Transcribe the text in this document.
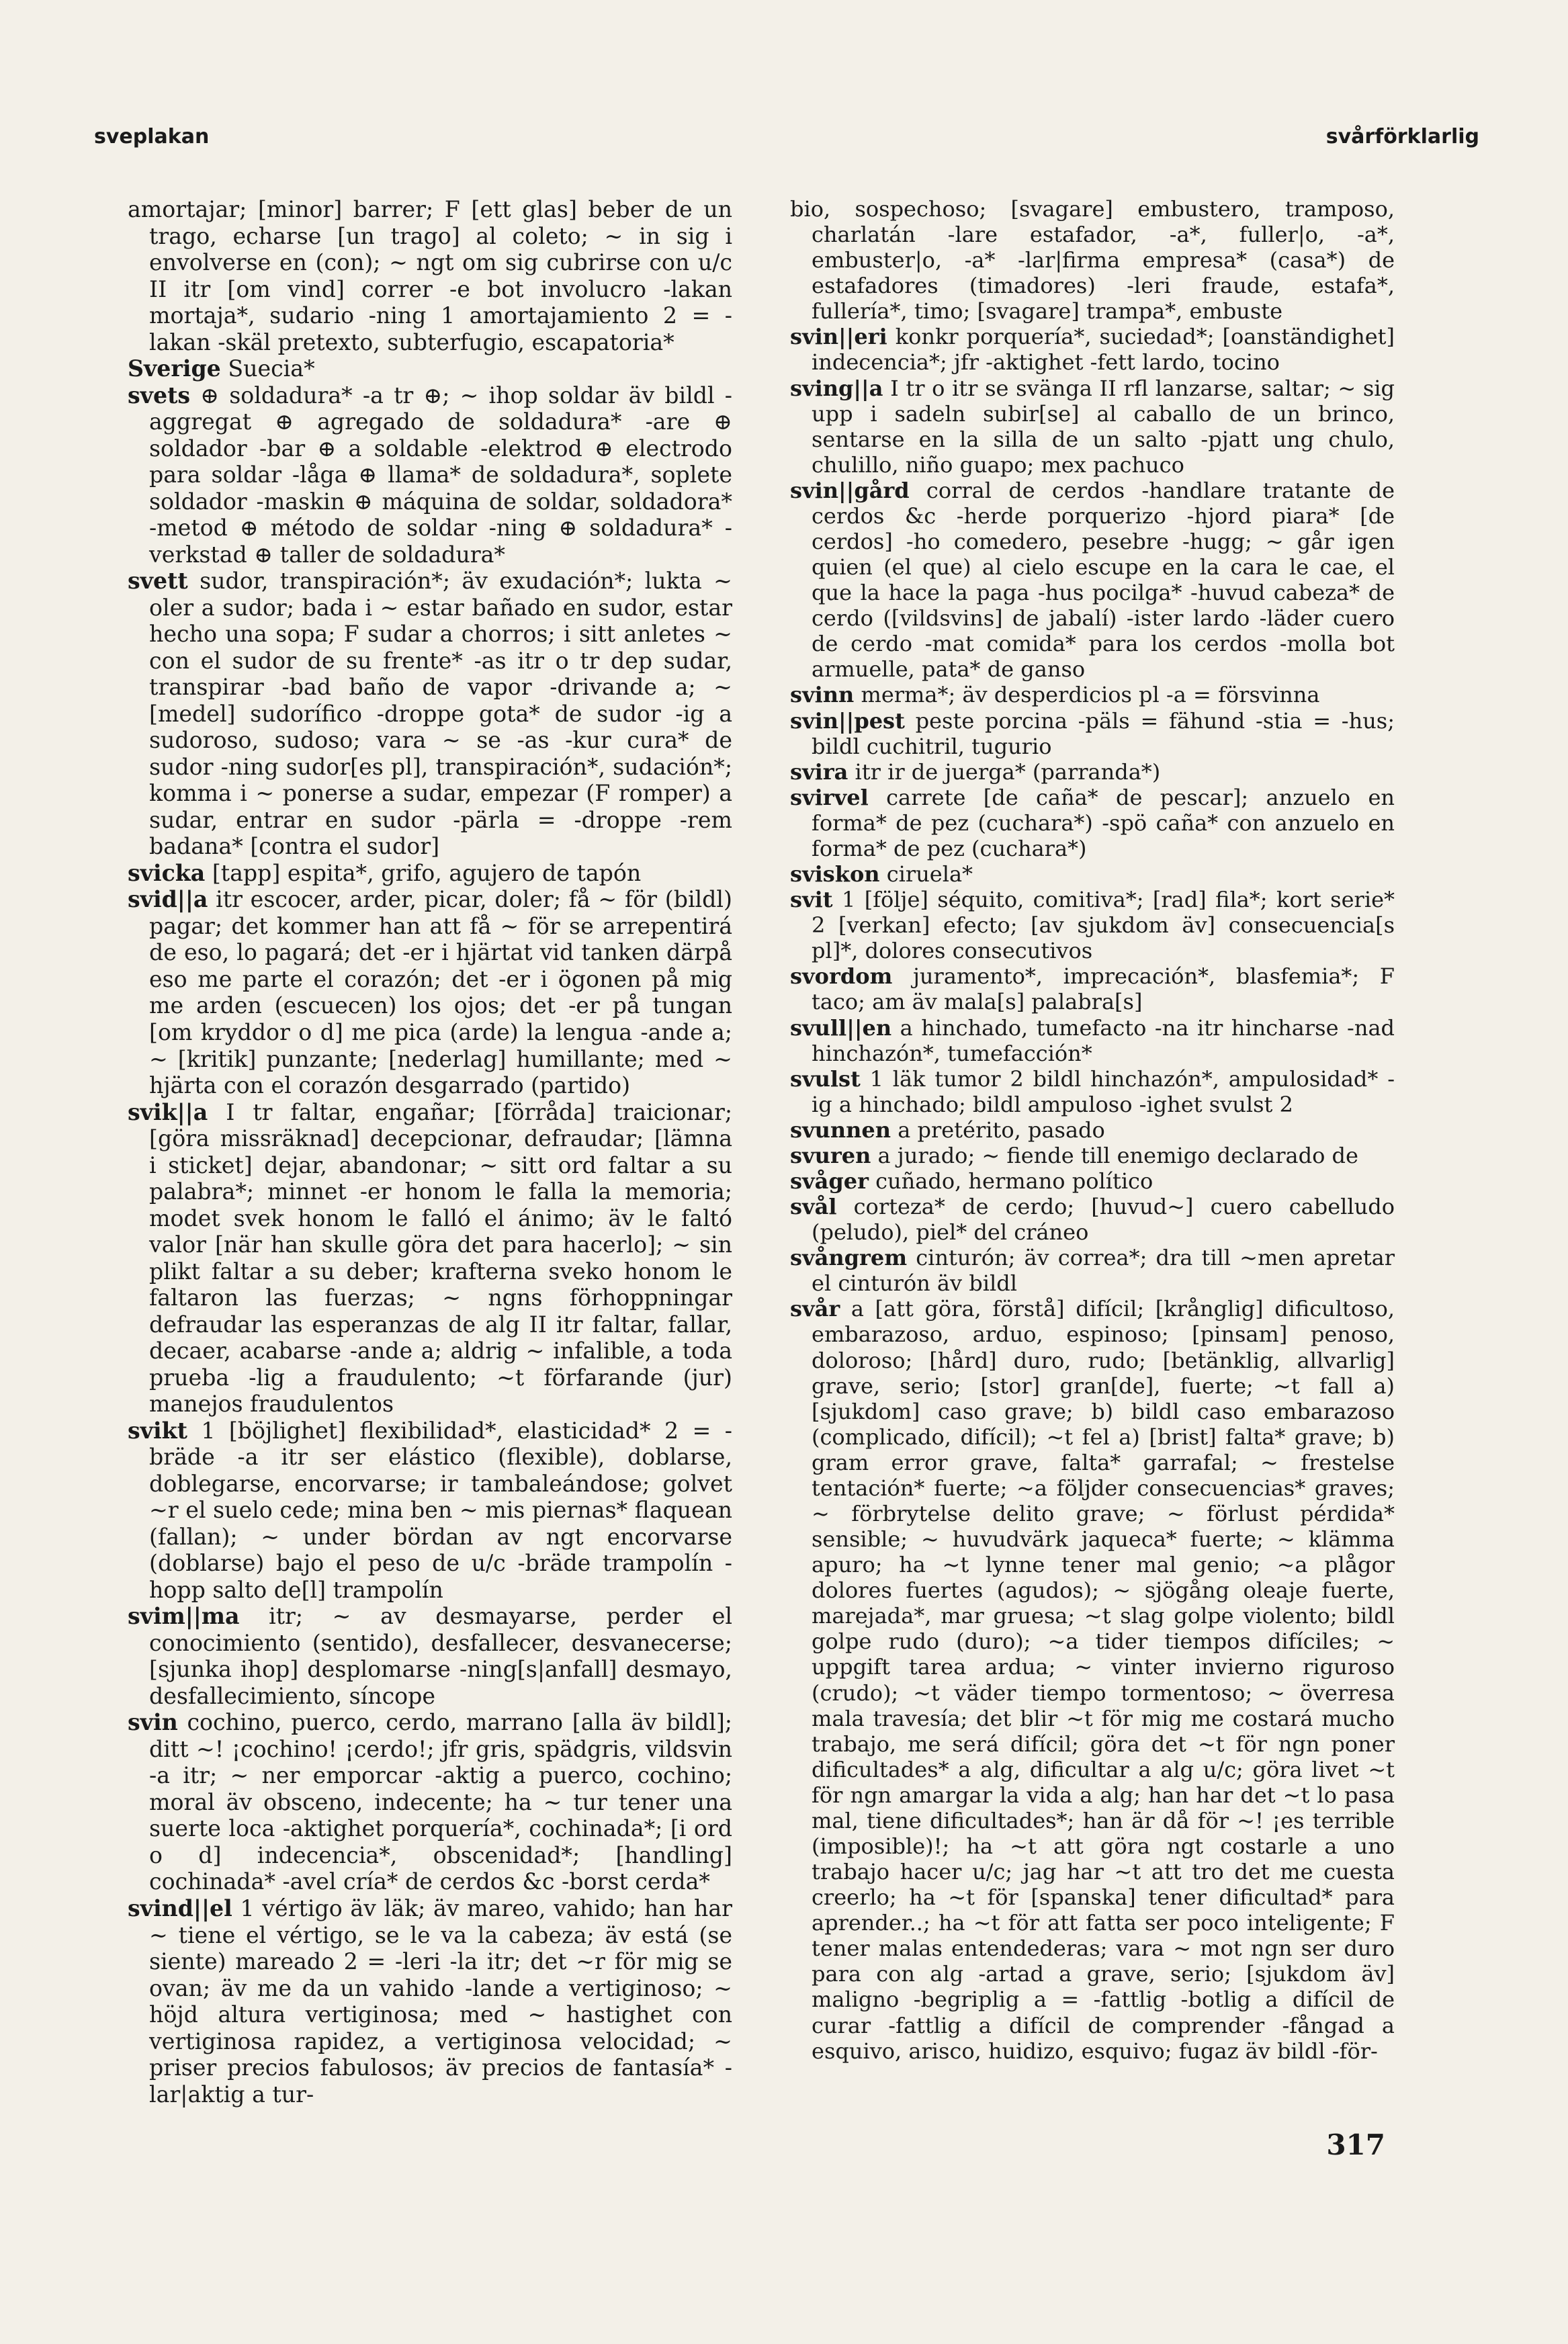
sveplakan	svårförklarlig

amortajar; [minor] barrer; F [ett glas] beber de un trago, echarse [un trago] al coleto; ~ in sig i envolverse en (con); ~ ngt om sig cubrirse con u/c II itr [om vind] correr -e bot involucro -lakan mortaja*, sudario -ning 1 amortajamiento 2 = -lakan -skäl pretexto, subterfugio, escapatoria*

Sverige Suecia*

svets ⊕ soldadura* -a tr ⊕; ~ ihop soldar äv bildl -aggregat ⊕ agregado de soldadura* -are ⊕ soldador -bar ⊕ a soldable -elektrod ⊕ electrodo para soldar -låga ⊕ llama* de soldadura*, soplete soldador -maskin ⊕ máquina de soldar, soldadora* -metod ⊕ método de soldar -ning ⊕ soldadura* -verkstad ⊕ taller de soldadura*

svett sudor, transpiración*; äv exudación*; lukta ~ oler a sudor; bada i ~ estar bañado en sudor, estar hecho una sopa; F sudar a chorros; i sitt anletes ~ con el sudor de su frente* -as itr o tr dep sudar, transpirar -bad baño de vapor -drivande a; ~ [medel] sudorífico -droppe gota* de sudor -ig a sudoroso, sudoso; vara ~ se -as -kur cura* de sudor -ning sudor[es pl], transpiración*, sudación*; komma i ~ ponerse a sudar, empezar (F romper) a sudar, entrar en sudor -pärla = -droppe -rem badana* [contra el sudor]

svicka [tapp] espita*, grifo, agujero de tapón

svid||a itr escocer, arder, picar, doler; få ~ för (bildl) pagar; det kommer han att få ~ för se arrepentirá de eso, lo pagará; det -er i hjärtat vid tanken därpå eso me parte el corazón; det -er i ögonen på mig me arden (escuecen) los ojos; det -er på tungan [om kryddor o d] me pica (arde) la lengua -ande a; ~ [kritik] punzante; [nederlag] humillante; med ~ hjärta con el corazón desgarrado (partido)

svik||a I tr faltar, engañar; [förråda] traicionar; [göra missräknad] decepcionar, defraudar; [lämna i sticket] dejar, abandonar; ~ sitt ord faltar a su palabra*; minnet -er honom le falla la memoria; modet svek honom le falló el ánimo; äv le faltó valor [när han skulle göra det para hacerlo]; ~ sin plikt faltar a su deber; krafterna sveko honom le faltaron las fuerzas; ~ ngns förhoppningar defraudar las esperanzas de alg II itr faltar, fallar, decaer, acabarse -ande a; aldrig ~ infalible, a toda prueba -lig a fraudulento; ~t förfarande (jur) manejos fraudulentos

svikt 1 [böjlighet] flexibilidad*, elasticidad* 2 = -bräde -a itr ser elástico (flexible), doblarse, doblegarse, encorvarse; ir tambaleándose; golvet ~r el suelo cede; mina ben ~ mis piernas* flaquean (fallan); ~ under bördan av ngt encorvarse (doblarse) bajo el peso de u/c -bräde trampolín -hopp salto de[l] trampolín

svim||ma itr; ~ av desmayarse, perder el conocimiento (sentido), desfallecer, desvanecerse; [sjunka ihop] desplomarse -ning[s|anfall] desmayo, desfallecimiento, síncope

svin cochino, puerco, cerdo, marrano [alla äv bildl]; ditt ~! ¡cochino! ¡cerdo!; jfr gris, spädgris, vildsvin -a itr; ~ ner emporcar -aktig a puerco, cochino; moral äv obsceno, indecente; ha ~ tur tener una suerte loca -aktighet porquería*, cochinada*; [i ord o d] indecencia*, obscenidad*; [handling] cochinada* -avel cría* de cerdos &c -borst cerda*

svind||el 1 vértigo äv läk; äv mareo, vahido; han har ~ tiene el vértigo, se le va la cabeza; äv está (se siente) mareado 2 = -leri -la itr; det ~r för mig se ovan; äv me da un vahido -lande a vertiginoso; ~ höjd altura vertiginosa; med ~ hastighet con vertiginosa rapidez, a vertiginosa velocidad; ~ priser precios fabulosos; äv precios de fantasía* -lar|aktig a tur-

bio, sospechoso; [svagare] embustero, tramposo, charlatán -lare estafador, -a*, fuller|o, -a*, embuster|o, -a* -lar|firma empresa* (casa*) de estafadores (timadores) -leri fraude, estafa*, fullería*, timo; [svagare] trampa*, embuste

svin||eri konkr porquería*, suciedad*; [oanständighet] indecencia*; jfr -aktighet -fett lardo, tocino

sving||a I tr o itr se svänga II rfl lanzarse, saltar; ~ sig upp i sadeln subir[se] al caballo de un brinco, sentarse en la silla de un salto -pjatt ung chulo, chulillo, niño guapo; mex pachuco

svin||gård corral de cerdos -handlare tratante de cerdos &c -herde porquerizo -hjord piara* [de cerdos] -ho comedero, pesebre -hugg; ~ går igen quien (el que) al cielo escupe en la cara le cae, el que la hace la paga -hus pocilga* -huvud cabeza* de cerdo ([vildsvins] de jabalí) -ister lardo -läder cuero de cerdo -mat comida* para los cerdos -molla bot armuelle, pata* de ganso

svinn merma*; äv desperdicios pl -a = försvinna

svin||pest peste porcina -päls = fähund -stia = -hus; bildl cuchitril, tugurio

svira itr ir de juerga* (parranda*)

svirvel carrete [de caña* de pescar]; anzuelo en forma* de pez (cuchara*) -spö caña* con anzuelo en forma* de pez (cuchara*)

sviskon ciruela*

svit 1 [följe] séquito, comitiva*; [rad] fila*; kort serie* 2 [verkan] efecto; [av sjukdom äv] consecuencia[s pl]*, dolores consecutivos

svordom juramento*, imprecación*, blasfemia*; F taco; am äv mala[s] palabra[s]

svull||en a hinchado, tumefacto -na itr hincharse -nad hinchazón*, tumefacción*

svulst 1 läk tumor 2 bildl hinchazón*, ampulosidad* -ig a hinchado; bildl ampuloso -ighet svulst 2

svunnen a pretérito, pasado

svuren a jurado; ~ fiende till enemigo declarado de

svåger cuñado, hermano político

svål corteza* de cerdo; [huvud~] cuero cabelludo (peludo), piel* del cráneo

svångrem cinturón; äv correa*; dra till ~men apretar el cinturón äv bildl

svår a [att göra, förstå] difícil; [krånglig] dificultoso, embarazoso, arduo, espinoso; [pinsam] penoso, doloroso; [hård] duro, rudo; [betänklig, allvarlig] grave, serio; [stor] gran[de], fuerte; ~t fall a) [sjukdom] caso grave; b) bildl caso embarazoso (complicado, difícil); ~t fel a) [brist] falta* grave; b) gram error grave, falta* garrafal; ~ frestelse tentación* fuerte; ~a följder consecuencias* graves; ~ förbrytelse delito grave; ~ förlust pérdida* sensible; ~ huvudvärk jaqueca* fuerte; ~ klämma apuro; ha ~t lynne tener mal genio; ~a plågor dolores fuertes (agudos); ~ sjögång oleaje fuerte, marejada*, mar gruesa; ~t slag golpe violento; bildl golpe rudo (duro); ~a tider tiempos difíciles; ~ uppgift tarea ardua; ~ vinter invierno riguroso (crudo); ~t väder tiempo tormentoso; ~ överresa mala travesía; det blir ~t för mig me costará mucho trabajo, me será difícil; göra det ~t för ngn poner dificultades* a alg, dificultar a alg u/c; göra livet ~t för ngn amargar la vida a alg; han har det ~t lo pasa mal, tiene dificultades*; han är då för ~! ¡es terrible (imposible)!; ha ~t att göra ngt costarle a uno trabajo hacer u/c; jag har ~t att tro det me cuesta creerlo; ha ~t för [spanska] tener dificultad* para aprender..; ha ~t för att fatta ser poco inteligente; F tener malas entendederas; vara ~ mot ngn ser duro para con alg -artad a grave, serio; [sjukdom äv] maligno -begriplig a = -fattlig -botlig a difícil de curar -fattlig a difícil de comprender -fångad a esquivo, arisco, huidizo, esquivo; fugaz äv bildl -för-

317
